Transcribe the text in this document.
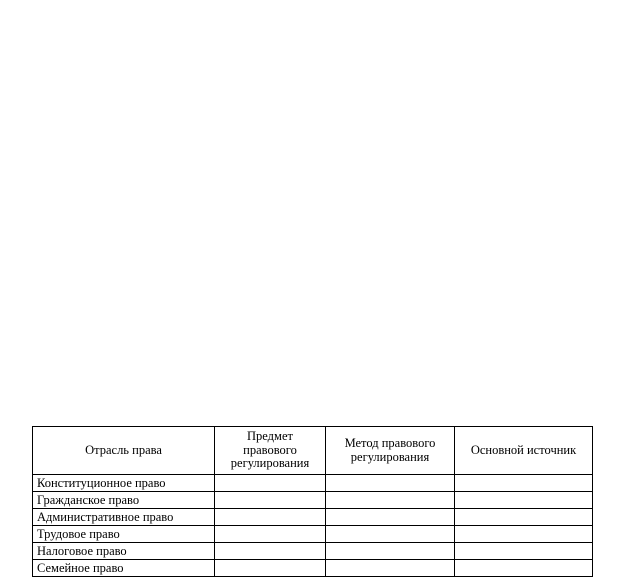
Отрасль права	Предмет правового регулирования	Метод правового регулирования	Основной источник
Конституционное право			
Гражданское право			
Административное право			
Трудовое право			
Налоговое право			
Семейное право			
